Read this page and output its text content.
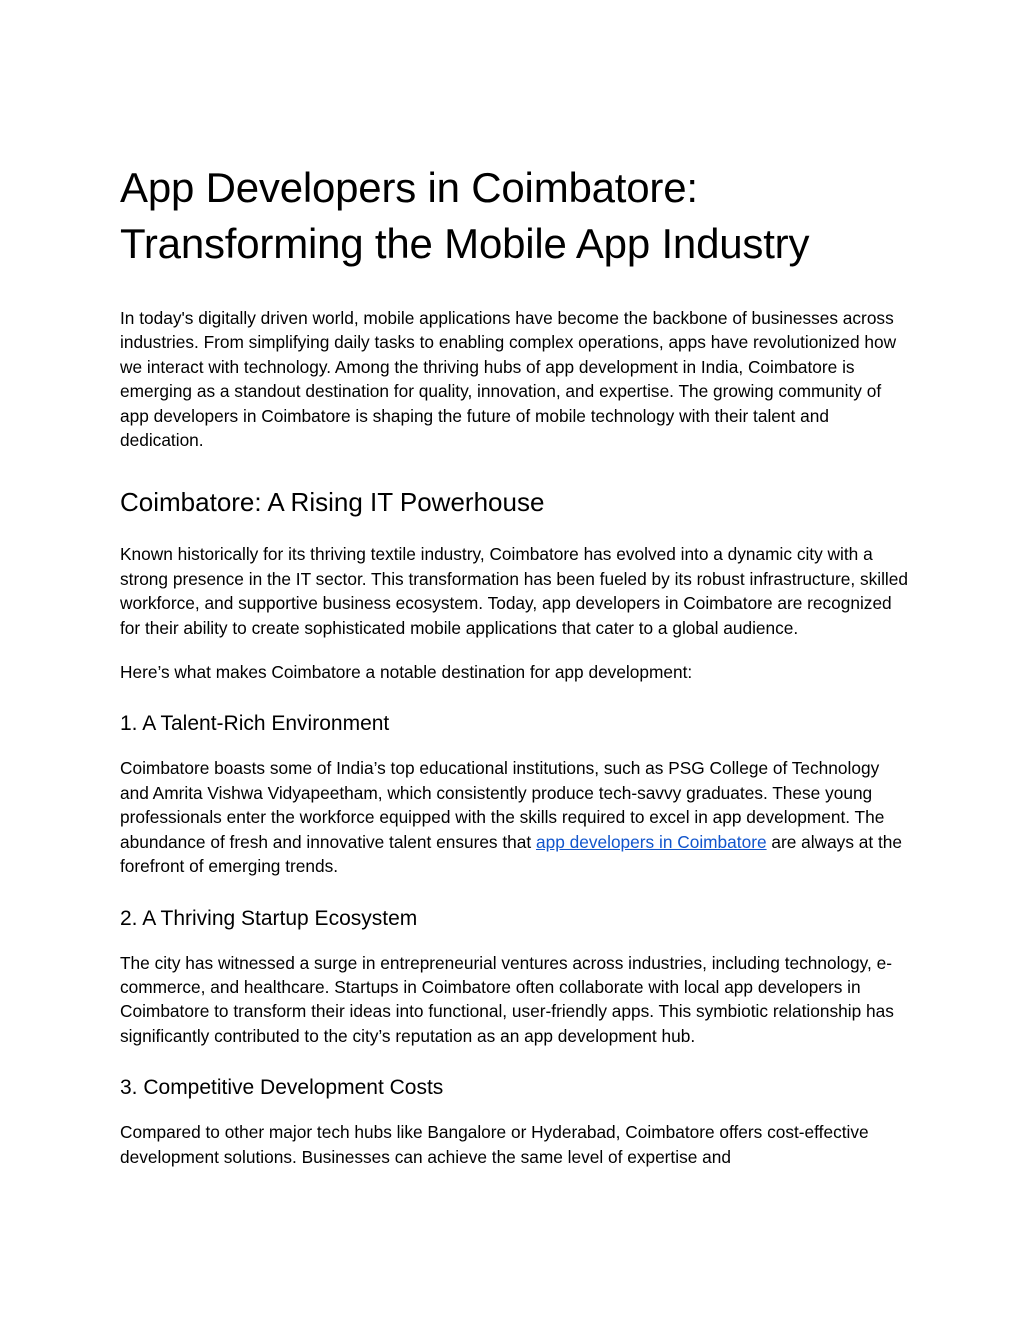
App Developers in Coimbatore: Transforming the Mobile App Industry

In today's digitally driven world, mobile applications have become the backbone of businesses across industries. From simplifying daily tasks to enabling complex operations, apps have revolutionized how we interact with technology. Among the thriving hubs of app development in India, Coimbatore is emerging as a standout destination for quality, innovation, and expertise. The growing community of app developers in Coimbatore is shaping the future of mobile technology with their talent and dedication.

Coimbatore: A Rising IT Powerhouse

Known historically for its thriving textile industry, Coimbatore has evolved into a dynamic city with a strong presence in the IT sector. This transformation has been fueled by its robust infrastructure, skilled workforce, and supportive business ecosystem. Today, app developers in Coimbatore are recognized for their ability to create sophisticated mobile applications that cater to a global audience.

Here’s what makes Coimbatore a notable destination for app development:

1. A Talent-Rich Environment

Coimbatore boasts some of India’s top educational institutions, such as PSG College of Technology and Amrita Vishwa Vidyapeetham, which consistently produce tech-savvy graduates. These young professionals enter the workforce equipped with the skills required to excel in app development. The abundance of fresh and innovative talent ensures that app developers in Coimbatore are always at the forefront of emerging trends.

2. A Thriving Startup Ecosystem

The city has witnessed a surge in entrepreneurial ventures across industries, including technology, e-commerce, and healthcare. Startups in Coimbatore often collaborate with local app developers in Coimbatore to transform their ideas into functional, user-friendly apps. This symbiotic relationship has significantly contributed to the city’s reputation as an app development hub.

3. Competitive Development Costs

Compared to other major tech hubs like Bangalore or Hyderabad, Coimbatore offers cost-effective development solutions. Businesses can achieve the same level of expertise and
